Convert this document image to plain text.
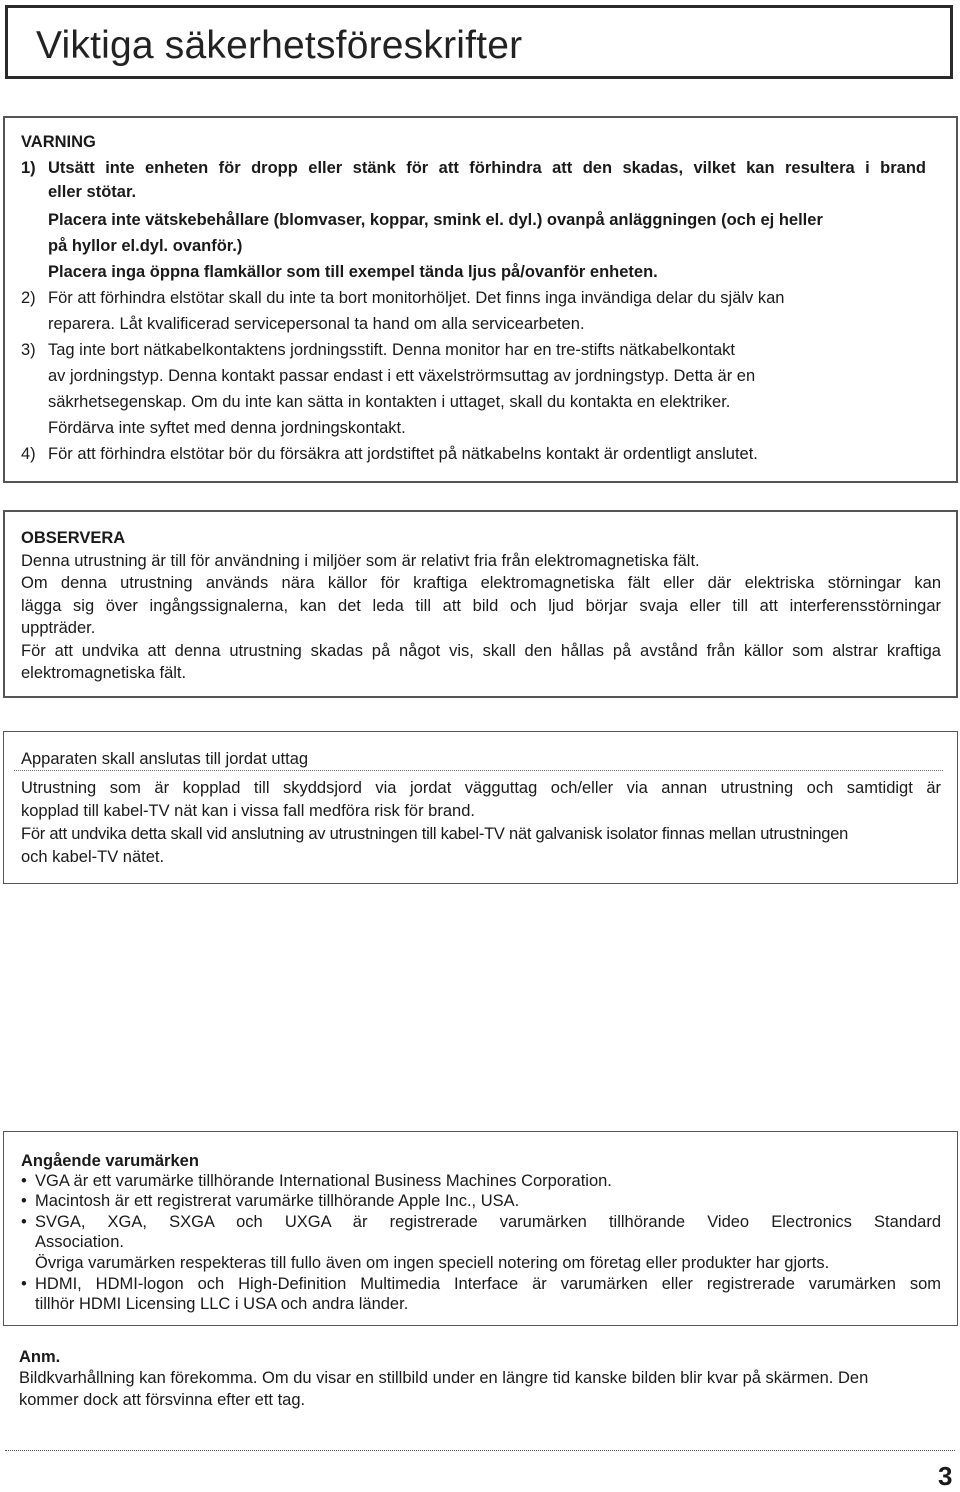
Viktiga säkerhetsföreskrifter
VARNING
1) Utsätt inte enheten för dropp eller stänk för att förhindra att den skadas, vilket kan resultera i brand
eller stötar.
Placera inte vätskebehållare (blomvaser, koppar, smink el. dyl.) ovanpå anläggningen (och ej heller
på hyllor el.dyl. ovanför.)
Placera inga öppna flamkällor som till exempel tända ljus på/ovanför enheten.
2) För att förhindra elstötar skall du inte ta bort monitorhöljet. Det finns inga invändiga delar du själv kan
reparera. Låt kvalificerad servicepersonal ta hand om alla servicearbeten.
3) Tag inte bort nätkabelkontaktens jordningsstift. Denna monitor har en tre-stifts nätkabelkontakt
av jordningstyp. Denna kontakt passar endast i ett växelströrmsuttag av jordningstyp. Detta är en
säkrhetsegenskap. Om du inte kan sätta in kontakten i uttaget, skall du kontakta en elektriker.
Fördärva inte syftet med denna jordningskontakt.
4) För att förhindra elstötar bör du försäkra att jordstiftet på nätkabelns kontakt är ordentligt anslutet.
OBSERVERA
Denna utrustning är till för användning i miljöer som är relativt fria från elektromagnetiska fält.
Om denna utrustning används nära källor för kraftiga elektromagnetiska fält eller där elektriska störningar kan
lägga sig över ingångssignalerna, kan det leda till att bild och ljud börjar svaja eller till att interferensstörningar
uppträder.
För att undvika att denna utrustning skadas på något vis, skall den hållas på avstånd från källor som alstrar kraftiga
elektromagnetiska fält.
Apparaten skall anslutas till jordat uttag
Utrustning som är kopplad till skyddsjord via jordat vägguttag och/eller via annan utrustning och samtidigt är
kopplad till kabel-TV nät kan i vissa fall medföra risk för brand.
För att undvika detta skall vid anslutning av utrustningen till kabel-TV nät galvanisk isolator finnas mellan utrustningen
och kabel-TV nätet.
Angående varumärken
• VGA är ett varumärke tillhörande International Business Machines Corporation.
• Macintosh är ett registrerat varumärke tillhörande Apple Inc., USA.
• SVGA, XGA, SXGA och UXGA är registrerade varumärken tillhörande Video Electronics Standard
Association.
Övriga varumärken respekteras till fullo även om ingen speciell notering om företag eller produkter har gjorts.
• HDMI, HDMI-logon och High-Definition Multimedia Interface är varumärken eller registrerade varumärken som
tillhör HDMI Licensing LLC i USA och andra länder.
Anm.
Bildkvarhållning kan förekomma. Om du visar en stillbild under en längre tid kanske bilden blir kvar på skärmen. Den
kommer dock att försvinna efter ett tag.
3
